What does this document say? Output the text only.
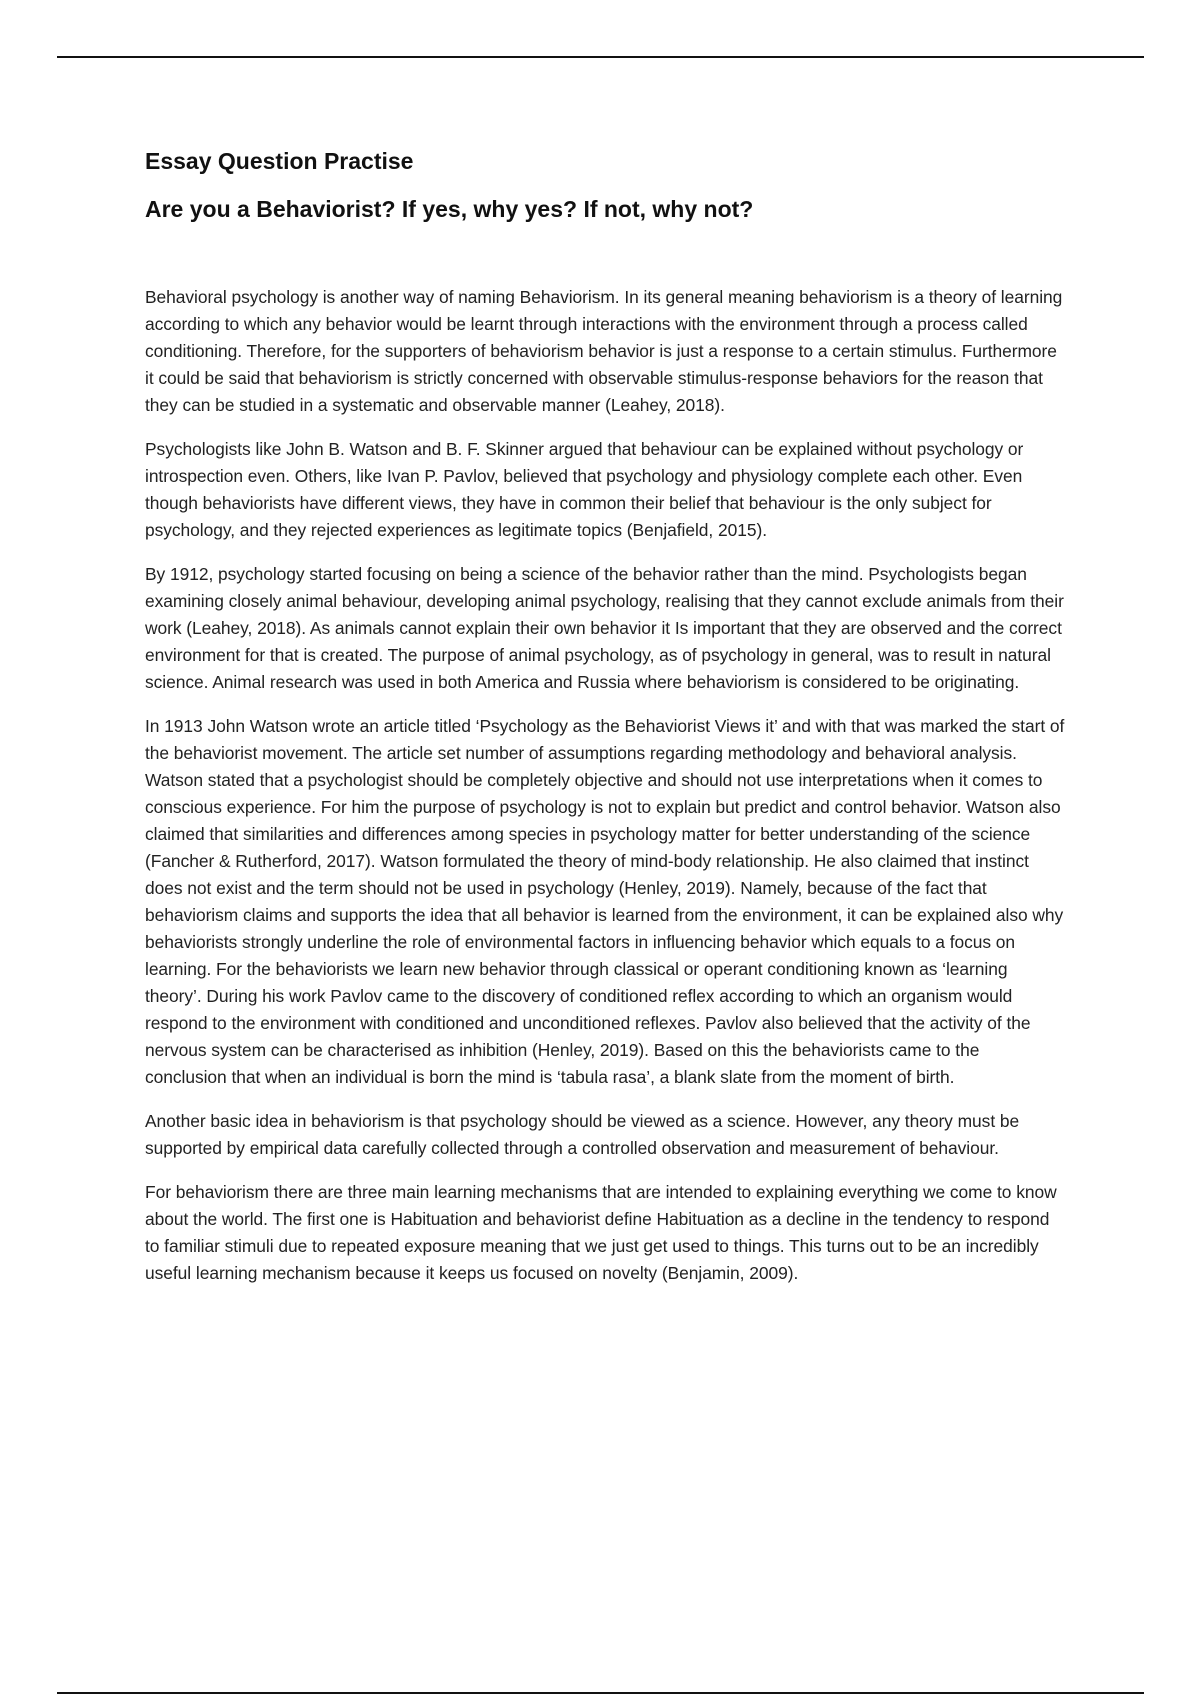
Essay Question Practise
Are you a Behaviorist? If yes, why yes? If not, why not?

Behavioral psychology is another way of naming Behaviorism. In its general meaning behaviorism is a theory of learning according to which any behavior would be learnt through interactions with the environment through a process called conditioning. Therefore, for the supporters of behaviorism behavior is just a response to a certain stimulus. Furthermore it could be said that behaviorism is strictly concerned with observable stimulus-response behaviors for the reason that they can be studied in a systematic and observable manner (Leahey, 2018).

Psychologists like John B. Watson and B. F. Skinner argued that behaviour can be explained without psychology or introspection even. Others, like Ivan P. Pavlov, believed that psychology and physiology complete each other. Even though behaviorists have different views, they have in common their belief that behaviour is the only subject for psychology, and they rejected experiences as legitimate topics (Benjafield, 2015).

By 1912, psychology started focusing on being a science of the behavior rather than the mind. Psychologists began examining closely animal behaviour, developing animal psychology, realising that they cannot exclude animals from their work (Leahey, 2018). As animals cannot explain their own behavior it Is important that they are observed and the correct environment for that is created. The purpose of animal psychology, as of psychology in general, was to result in natural science. Animal research was used in both America and Russia where behaviorism is considered to be originating.

In 1913 John Watson wrote an article titled ‘Psychology as the Behaviorist Views it’ and with that was marked the start of the behaviorist movement. The article set number of assumptions regarding methodology and behavioral analysis. Watson stated that a psychologist should be completely objective and should not use interpretations when it comes to conscious experience. For him the purpose of psychology is not to explain but predict and control behavior. Watson also claimed that similarities and differences among species in psychology matter for better understanding of the science (Fancher & Rutherford, 2017). Watson formulated the theory of mind-body relationship. He also claimed that instinct does not exist and the term should not be used in psychology (Henley, 2019). Namely, because of the fact that behaviorism claims and supports the idea that all behavior is learned from the environment, it can be explained also why behaviorists strongly underline the role of environmental factors in influencing behavior which equals to a focus on learning. For the behaviorists we learn new behavior through classical or operant conditioning known as ‘learning theory’. During his work Pavlov came to the discovery of conditioned reflex according to which an organism would respond to the environment with conditioned and unconditioned reflexes. Pavlov also believed that the activity of the nervous system can be characterised as inhibition (Henley, 2019). Based on this the behaviorists came to the conclusion that when an individual is born the mind is ‘tabula rasa’, a blank slate from the moment of birth.

Another basic idea in behaviorism is that psychology should be viewed as a science. However, any theory must be supported by empirical data carefully collected through a controlled observation and measurement of behaviour.

For behaviorism there are three main learning mechanisms that are intended to explaining everything we come to know about the world. The first one is Habituation and behaviorist define Habituation as a decline in the tendency to respond to familiar stimuli due to repeated exposure meaning that we just get used to things. This turns out to be an incredibly useful learning mechanism because it keeps us focused on novelty (Benjamin, 2009).
